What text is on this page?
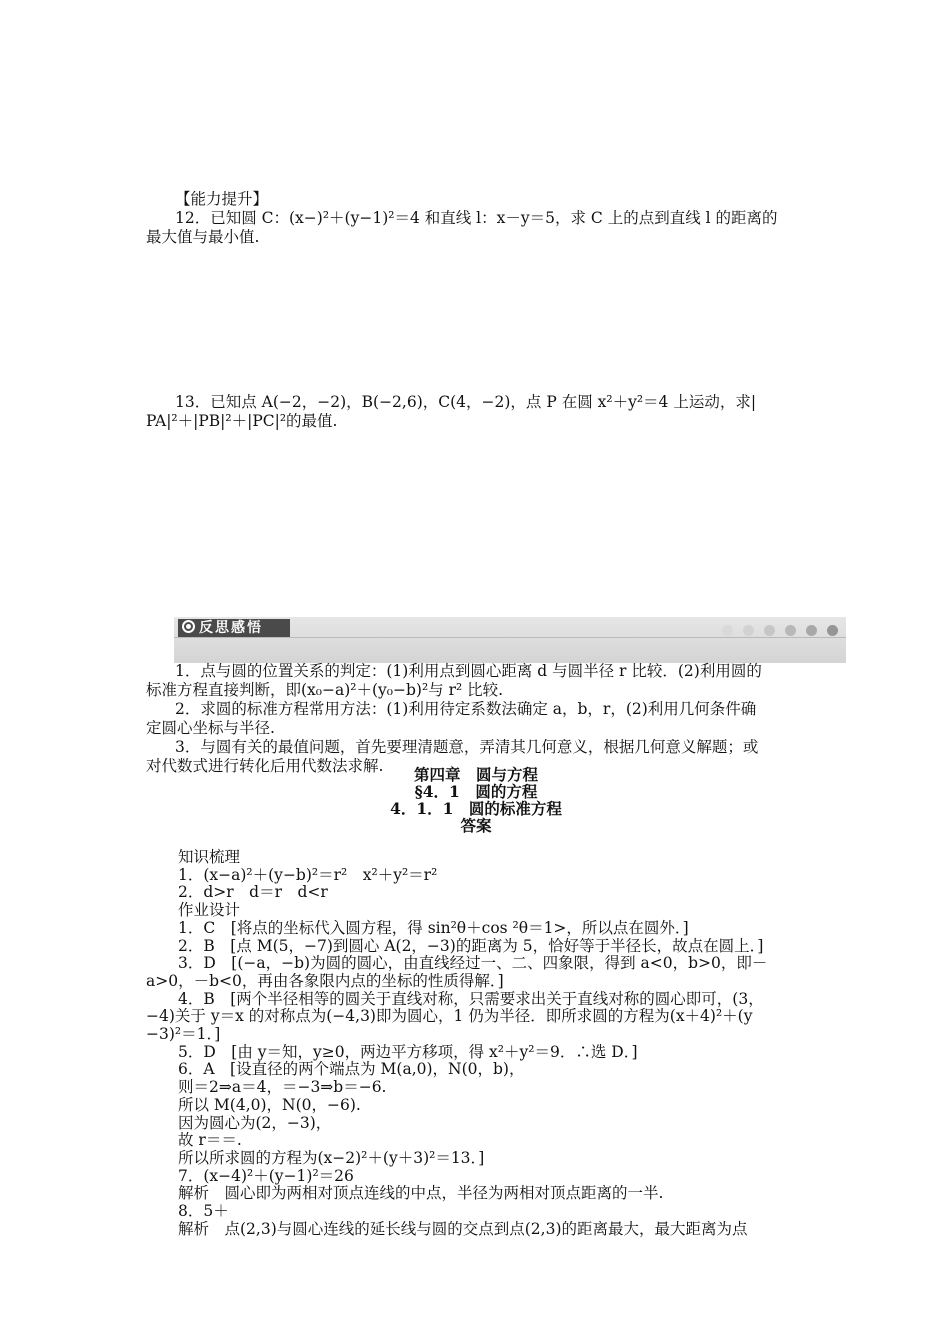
【能力提升】
12．已知圆 C：(x−)²＋(y−1)²＝4 和直线 l：x－y＝5，求 C 上的点到直线 l 的距离的
最大值与最小值.
13．已知点 A(−2，−2)，B(−2,6)，C(4，−2)，点 P 在圆 x²＋y²＝4 上运动，求|
PA|²＋|PB|²＋|PC|²的最值.
反思感悟
1．点与圆的位置关系的判定：(1)利用点到圆心距离 d 与圆半径 r 比较．(2)利用圆的
标准方程直接判断，即(x₀−a)²＋(y₀−b)²与 r² 比较.
2．求圆的标准方程常用方法：(1)利用待定系数法确定 a，b，r，(2)利用几何条件确
定圆心坐标与半径.
3．与圆有关的最值问题，首先要理清题意，弄清其几何意义，根据几何意义解题；或
对代数式进行转化后用代数法求解.	第四章　圆与方程
§4．1　圆的方程
4．1．1　圆的标准方程
答案
知识梳理
1．(x−a)²＋(y−b)²＝r²　x²＋y²＝r²
2．d>r　d＝r　d<r
作业设计
1．C　[将点的坐标代入圆方程，得 sin²θ＋cos ²θ＝1>，所以点在圆外．]
2．B　[点 M(5，−7)到圆心 A(2，−3)的距离为 5，恰好等于半径长，故点在圆上．]
3．D　[(−a，−b)为圆的圆心，由直线经过一、二、四象限，得到 a<0，b>0，即－
a>0，－b<0，再由各象限内点的坐标的性质得解．]
4．B　[两个半径相等的圆关于直线对称，只需要求出关于直线对称的圆心即可，(3，
−4)关于 y＝x 的对称点为(−4,3)即为圆心，1 仍为半径．即所求圆的方程为(x＋4)²＋(y
−3)²＝1．]
5．D　[由 y＝知，y≥0，两边平方移项，得 x²＋y²＝9．∴选 D．]
6．A　[设直径的两个端点为 M(a,0)，N(0，b)，
则＝2⇒a＝4，＝−3⇒b＝−6.
所以 M(4,0)，N(0，−6).
因为圆心为(2，−3)，
故 r＝＝.
所以所求圆的方程为(x−2)²＋(y＋3)²＝13．]
7．(x−4)²＋(y−1)²＝26
解析　圆心即为两相对顶点连线的中点，半径为两相对顶点距离的一半.
8．5＋
解析　点(2,3)与圆心连线的延长线与圆的交点到点(2,3)的距离最大，最大距离为点
